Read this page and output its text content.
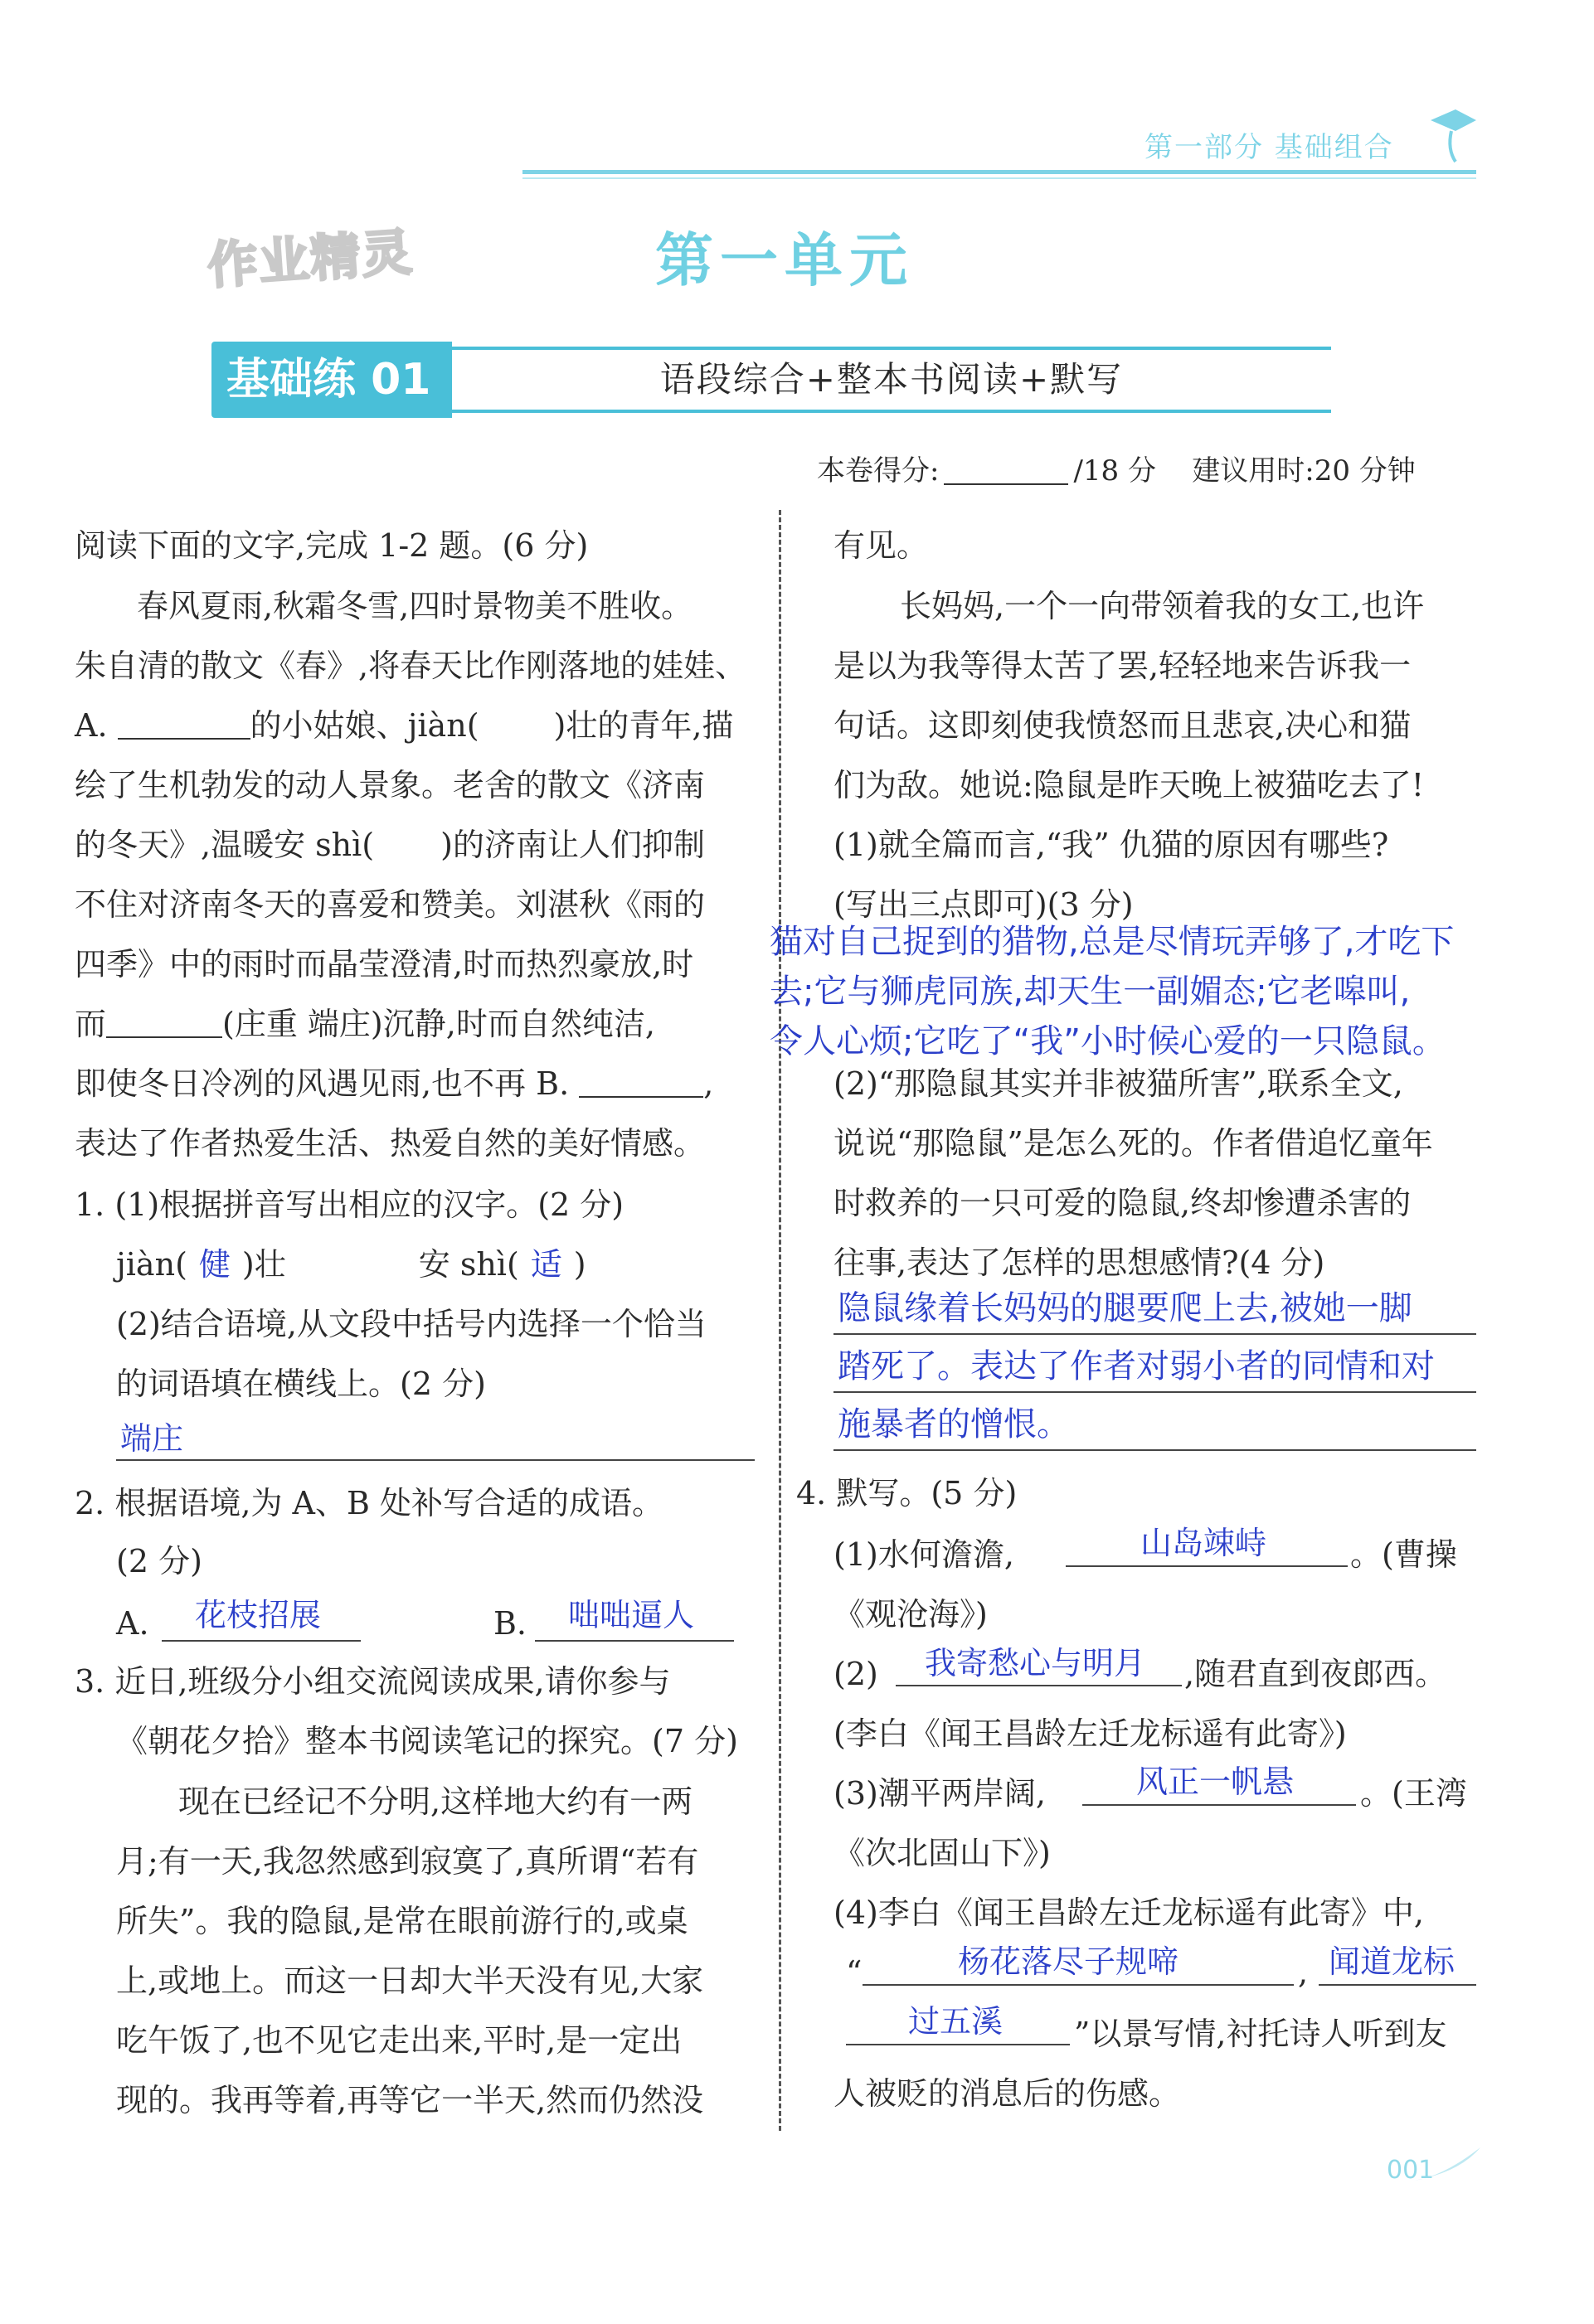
第一部分 基础组合
作业精灵	第一单元
基础练 01	语段综合+整本书阅读+默写
本卷得分:	/18 分 建议用时:20 分钟
阅读下面的文字,完成 1-2 题。(6 分)
春风夏雨,秋霜冬雪,四时景物美不胜收。
朱自清的散文《春》,将春天比作刚落地的娃娃、
A.	的小姑娘、jiàn( )壮的青年,描
绘了生机勃发的动人景象。老舍的散文《济南
的冬天》,温暖安 shì( )的济南让人们抑制
不住对济南冬天的喜爱和赞美。刘湛秋《雨的
四季》中的雨时而晶莹澄清,时而热烈豪放,时
而	(庄重 端庄)沉静,时而自然纯洁,
即使冬日冷冽的风遇见雨,也不再 B.	,
表达了作者热爱生活、热爱自然的美好情感。
1. (1)根据拼音写出相应的汉字。(2 分)
jiàn( 健 )壮	安 shì( 适 )
(2)结合语境,从文段中括号内选择一个恰当
的词语填在横线上。(2 分)
端庄
2. 根据语境,为 A、B 处补写合适的成语。
(2 分)
A. 花枝招展	B. 咄咄逼人
3. 近日,班级分小组交流阅读成果,请你参与
《朝花夕拾》整本书阅读笔记的探究。(7 分)
现在已经记不分明,这样地大约有一两
月;有一天,我忽然感到寂寞了,真所谓“若有
所失”。我的隐鼠,是常在眼前游行的,或桌
上,或地上。而这一日却大半天没有见,大家
吃午饭了,也不见它走出来,平时,是一定出
现的。我再等着,再等它一半天,然而仍然没
有见。
长妈妈,一个一向带领着我的女工,也许
是以为我等得太苦了罢,轻轻地来告诉我一
句话。这即刻使我愤怒而且悲哀,决心和猫
们为敌。她说:隐鼠是昨天晚上被猫吃去了!
(1)就全篇而言,“我” 仇猫的原因有哪些?
(写出三点即可)(3 分)
猫对自己捉到的猎物,总是尽情玩弄够了,才吃下
去;它与狮虎同族,却天生一副媚态;它老嗥叫,
令人心烦;它吃了“我”小时候心爱的一只隐鼠。
(2)“那隐鼠其实并非被猫所害”,联系全文,
说说“那隐鼠”是怎么死的。作者借追忆童年
时救养的一只可爱的隐鼠,终却惨遭杀害的
往事,表达了怎样的思想感情?(4 分)
隐鼠缘着长妈妈的腿要爬上去,被她一脚
踏死了。表达了作者对弱小者的同情和对
施暴者的憎恨。
4. 默写。(5 分)
(1)水何澹澹,	山岛竦峙	。(曹操
《观沧海》)
(2) 我寄愁心与明月 ,随君直到夜郎西。
(李白《闻王昌龄左迁龙标遥有此寄》)
(3)潮平两岸阔,	风正一帆悬 。(王湾
《次北固山下》)
(4)李白《闻王昌龄左迁龙标遥有此寄》中,
“	杨花落尽子规啼	, 闻道龙标
过五溪 ”以景写情,衬托诗人听到友
人被贬的消息后的伤感。
001
